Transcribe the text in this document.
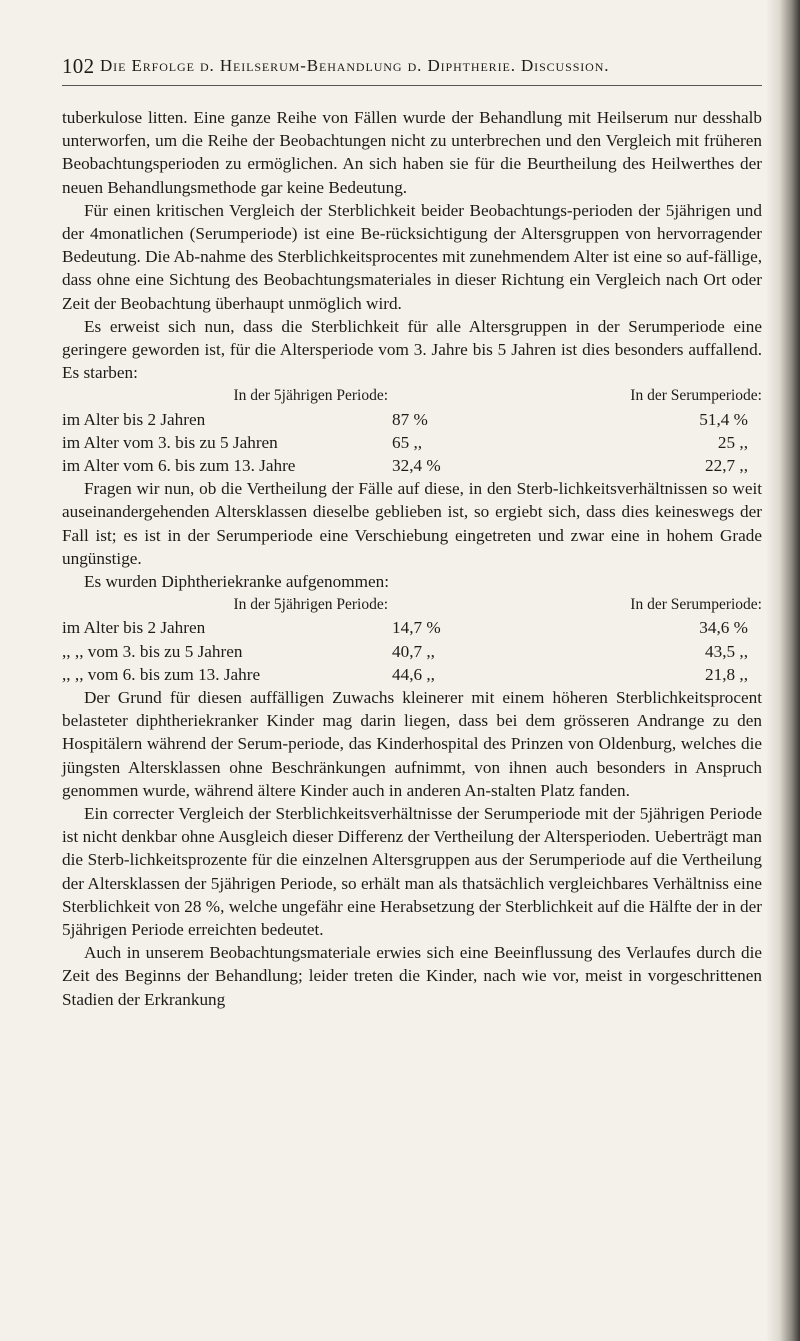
102 Die Erfolge d. Heilserum-Behandlung d. Diphtherie. Discussion.

tuberkulose litten. Eine ganze Reihe von Fällen wurde der Behandlung mit Heilserum nur desshalb unterworfen, um die Reihe der Beobachtungen nicht zu unterbrechen und den Vergleich mit früheren Beobachtungsperioden zu ermöglichen. An sich haben sie für die Beurtheilung des Heilwerthes der neuen Behandlungsmethode gar keine Bedeutung.

Für einen kritischen Vergleich der Sterblichkeit beider Beobachtungs-perioden der 5jährigen und der 4monatlichen (Serumperiode) ist eine Be-rücksichtigung der Altersgruppen von hervorragender Bedeutung. Die Ab-nahme des Sterblichkeitsprocentes mit zunehmendem Alter ist eine so auf-fällige, dass ohne eine Sichtung des Beobachtungsmateriales in dieser Richtung ein Vergleich nach Ort oder Zeit der Beobachtung überhaupt unmöglich wird.

Es erweist sich nun, dass die Sterblichkeit für alle Altersgruppen in der Serumperiode eine geringere geworden ist, für die Altersperiode vom 3. Jahre bis 5 Jahren ist dies besonders auffallend. Es starben:

In der 5jährigen Periode:	In der Serumperiode:
im Alter bis 2 Jahren	87 %	51,4 %
im Alter vom 3. bis zu 5 Jahren	65 ,,	25 ,,
im Alter vom 6. bis zum 13. Jahre	32,4 %	22,7 ,,

Fragen wir nun, ob die Vertheilung der Fälle auf diese, in den Sterb-lichkeitsverhältnissen so weit auseinandergehenden Altersklassen dieselbe geblieben ist, so ergiebt sich, dass dies keineswegs der Fall ist; es ist in der Serumperiode eine Verschiebung eingetreten und zwar eine in hohem Grade ungünstige.

Es wurden Diphtheriekranke aufgenommen:

In der 5jährigen Periode:	In der Serumperiode:
im Alter bis 2 Jahren	14,7 %	34,6 %
,, ,, vom 3. bis zu 5 Jahren	40,7 ,,	43,5 ,,
,, ,, vom 6. bis zum 13. Jahre	44,6 ,,	21,8 ,,

Der Grund für diesen auffälligen Zuwachs kleinerer mit einem höheren Sterblichkeitsprocent belasteter diphtheriekranker Kinder mag darin liegen, dass bei dem grösseren Andrange zu den Hospitälern während der Serum-periode, das Kinderhospital des Prinzen von Oldenburg, welches die jüngsten Altersklassen ohne Beschränkungen aufnimmt, von ihnen auch besonders in Anspruch genommen wurde, während ältere Kinder auch in anderen An-stalten Platz fanden.

Ein correcter Vergleich der Sterblichkeitsverhältnisse der Serumperiode mit der 5jährigen Periode ist nicht denkbar ohne Ausgleich dieser Differenz der Vertheilung der Altersperioden. Ueberträgt man die Sterb-lichkeitsprozente für die einzelnen Altersgruppen aus der Serumperiode auf die Vertheilung der Altersklassen der 5jährigen Periode, so erhält man als thatsächlich vergleichbares Verhältniss eine Sterblichkeit von 28 %, welche ungefähr eine Herabsetzung der Sterblichkeit auf die Hälfte der in der 5jährigen Periode erreichten bedeutet.

Auch in unserem Beobachtungsmateriale erwies sich eine Beeinflussung des Verlaufes durch die Zeit des Beginns der Behandlung; leider treten die Kinder, nach wie vor, meist in vorgeschrittenen Stadien der Erkrankung
